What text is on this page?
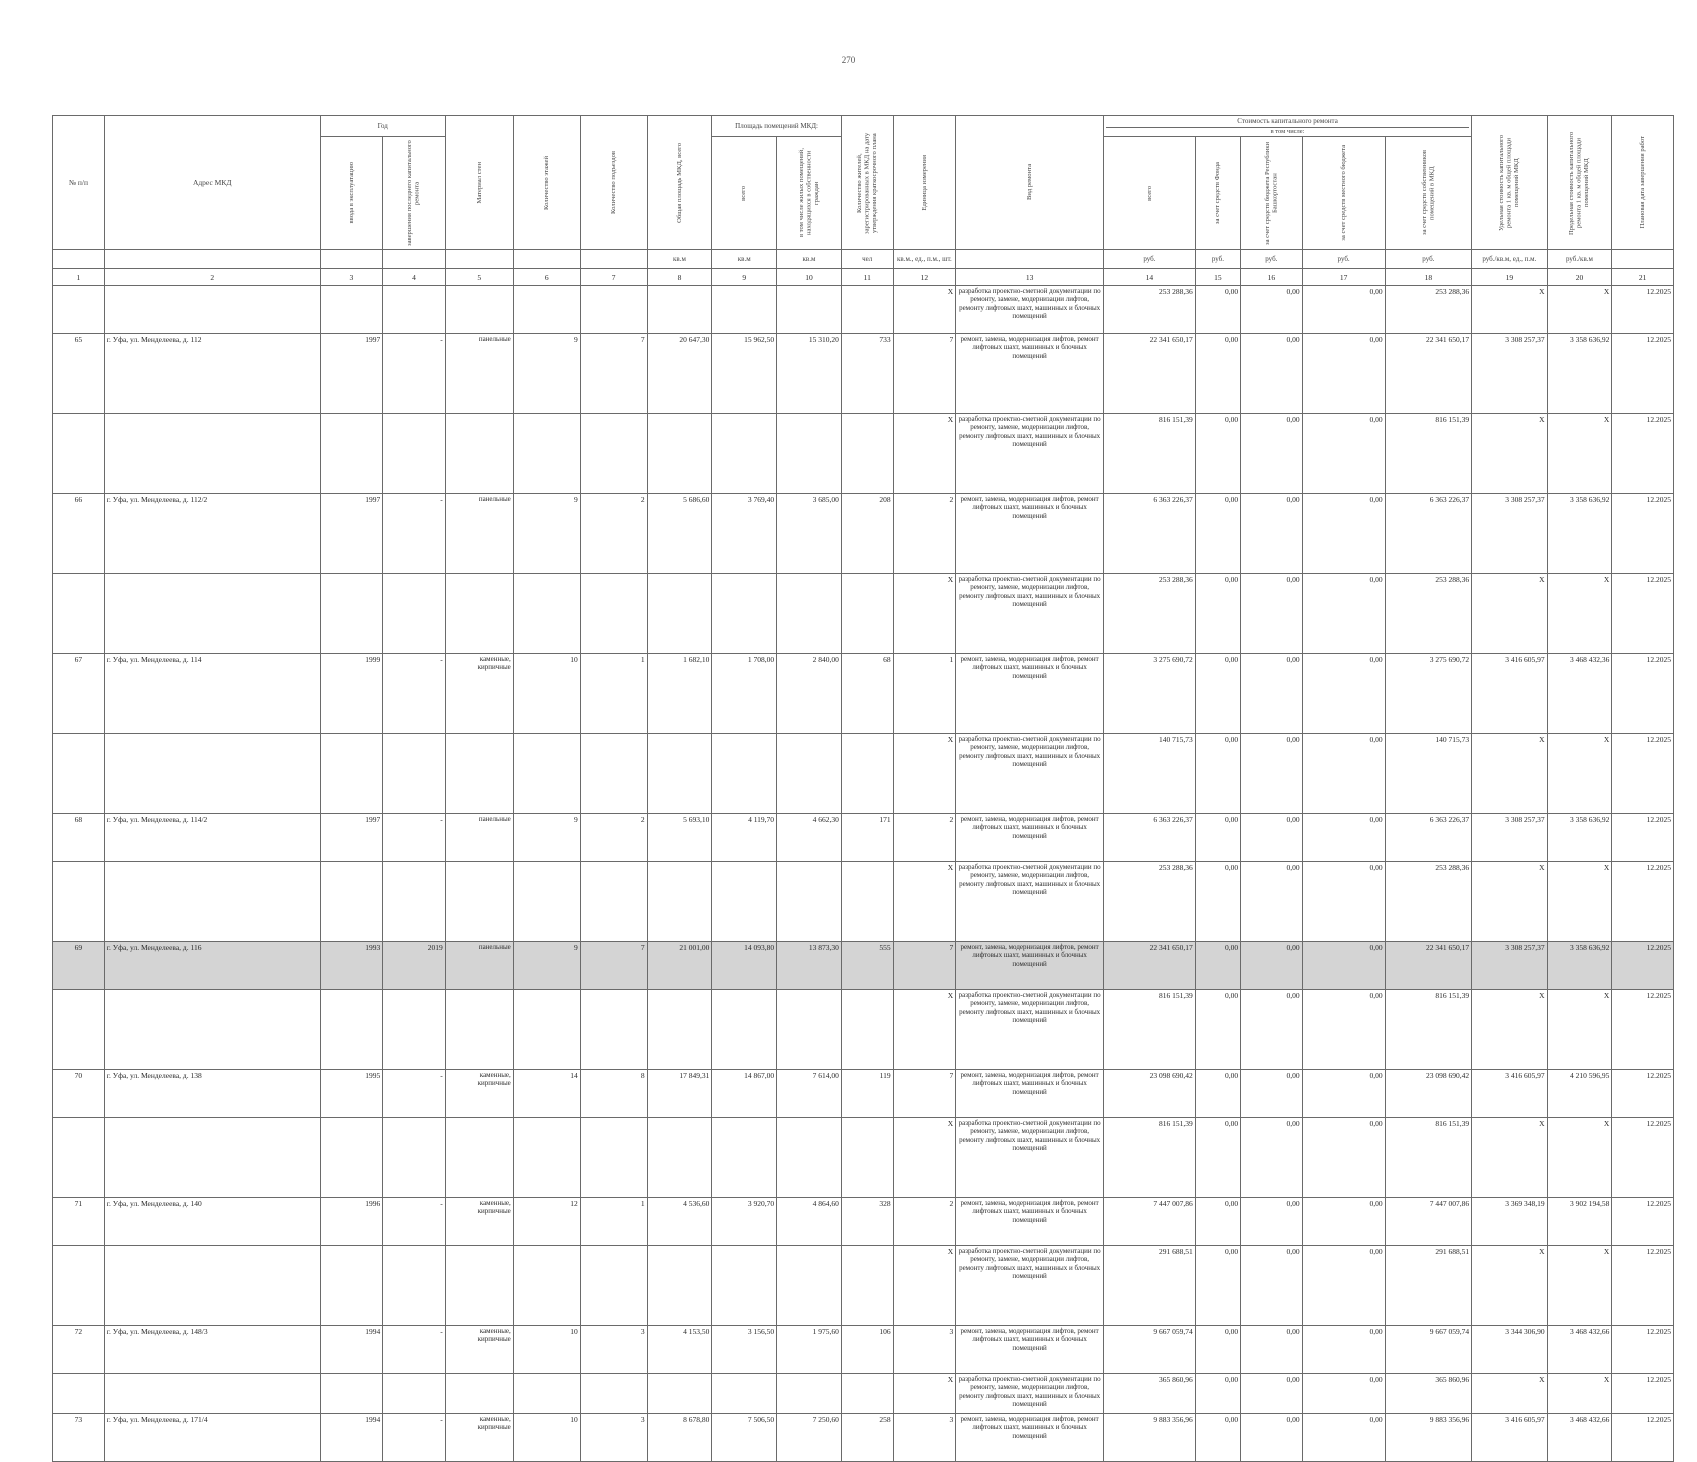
270
№ п/п	Адрес МКД	Год		Материал стен	Количество этажей	Количество подъездов	Общая площадь МКД, всего	Площадь помещений МКД:		Количество жителей, зарегистрированных в МКД на дату утверждения краткосрочного плана	Единица измерения	Вид ремонта	Стоимость капитального ремонта
в том числе:					Удельная стоимость капитального ремонта 1 кв. м общей площади помещений МКД	Предельная стоимость капитального ремонта 1 кв. м общей площади помещений МКД	Плановая дата завершения работ

		ввода в эксплуатацию	завершения последнего капитального ремонта					всего	в том числе жилых помещений, находящихся в собственности граждан				всего	за счет средств Фонда	за счет средств бюджета Республики Башкортостан	за счет средств местного бюджета	за счет средств собственников помещений в МКД			

							кв.м	кв.м	кв.м	чел	кв.м., ед., п.м., шт.		руб.	руб.	руб.	руб.	руб.	руб./кв.м, ед., п.м.	руб./кв.м	
1	2	3	4	5	6	7	8	9	10	11	12	13	14	15	16	17	18	19	20	21
											X	разработка проектно-сметной документации по ремонту, замене, модернизации лифтов, ремонту лифтовых шахт, машинных и блочных помещений	253 288,36	0,00	0,00	0,00	253 288,36	X	X	12.2025
65	г. Уфа, ул. Менделеева, д. 112	1997	-	панельные	9	7	20 647,30	15 962,50	15 310,20	733	7	ремонт, замена, модернизация лифтов, ремонт лифтовых шахт, машинных и блочных помещений	22 341 650,17	0,00	0,00	0,00	22 341 650,17	3 308 257,37	3 358 636,92	12.2025
											X	разработка проектно-сметной документации по ремонту, замене, модернизации лифтов, ремонту лифтовых шахт, машинных и блочных помещений	816 151,39	0,00	0,00	0,00	816 151,39	X	X	12.2025
66	г. Уфа, ул. Менделеева, д. 112/2	1997	-	панельные	9	2	5 686,60	3 769,40	3 685,00	208	2	ремонт, замена, модернизация лифтов, ремонт лифтовых шахт, машинных и блочных помещений	6 363 226,37	0,00	0,00	0,00	6 363 226,37	3 308 257,37	3 358 636,92	12.2025
											X	разработка проектно-сметной документации по ремонту, замене, модернизации лифтов, ремонту лифтовых шахт, машинных и блочных помещений	253 288,36	0,00	0,00	0,00	253 288,36	X	X	12.2025
67	г. Уфа, ул. Менделеева, д. 114	1999	-	каменные, кирпичные	10	1	1 682,10	1 708,00	2 840,00	68	1	ремонт, замена, модернизация лифтов, ремонт лифтовых шахт, машинных и блочных помещений	3 275 690,72	0,00	0,00	0,00	3 275 690,72	3 416 605,97	3 468 432,36	12.2025
											X	разработка проектно-сметной документации по ремонту, замене, модернизации лифтов, ремонту лифтовых шахт, машинных и блочных помещений	140 715,73	0,00	0,00	0,00	140 715,73	X	X	12.2025
68	г. Уфа, ул. Менделеева, д. 114/2	1997	-	панельные	9	2	5 693,10	4 119,70	4 662,30	171	2	ремонт, замена, модернизация лифтов, ремонт лифтовых шахт, машинных и блочных помещений	6 363 226,37	0,00	0,00	0,00	6 363 226,37	3 308 257,37	3 358 636,92	12.2025
											X	разработка проектно-сметной документации по ремонту, замене, модернизации лифтов, ремонту лифтовых шахт, машинных и блочных помещений	253 288,36	0,00	0,00	0,00	253 288,36	X	X	12.2025
69	г. Уфа, ул. Менделеева, д. 116	1993	2019	панельные	9	7	21 001,00	14 093,80	13 873,30	555	7	ремонт, замена, модернизация лифтов, ремонт лифтовых шахт, машинных и блочных помещений	22 341 650,17	0,00	0,00	0,00	22 341 650,17	3 308 257,37	3 358 636,92	12.2025
											X	разработка проектно-сметной документации по ремонту, замене, модернизации лифтов, ремонту лифтовых шахт, машинных и блочных помещений	816 151,39	0,00	0,00	0,00	816 151,39	X	X	12.2025
70	г. Уфа, ул. Менделеева, д. 138	1995	-	каменные, кирпичные	14	8	17 849,31	14 867,00	7 614,00	119	7	ремонт, замена, модернизация лифтов, ремонт лифтовых шахт, машинных и блочных помещений	23 098 690,42	0,00	0,00	0,00	23 098 690,42	3 416 605,97	4 210 596,95	12.2025
											X	разработка проектно-сметной документации по ремонту, замене, модернизации лифтов, ремонту лифтовых шахт, машинных и блочных помещений	816 151,39	0,00	0,00	0,00	816 151,39	X	X	12.2025
71	г. Уфа, ул. Менделеева, д. 140	1996	-	каменные, кирпичные	12	1	4 536,60	3 920,70	4 864,60	328	2	ремонт, замена, модернизация лифтов, ремонт лифтовых шахт, машинных и блочных помещений	7 447 007,86	0,00	0,00	0,00	7 447 007,86	3 369 348,19	3 902 194,58	12.2025
											X	разработка проектно-сметной документации по ремонту, замене, модернизации лифтов, ремонту лифтовых шахт, машинных и блочных помещений	291 688,51	0,00	0,00	0,00	291 688,51	X	X	12.2025
72	г. Уфа, ул. Менделеева, д. 148/3	1994	-	каменные, кирпичные	10	3	4 153,50	3 156,50	1 975,60	106	3	ремонт, замена, модернизация лифтов, ремонт лифтовых шахт, машинных и блочных помещений	9 667 059,74	0,00	0,00	0,00	9 667 059,74	3 344 306,90	3 468 432,66	12.2025
											X	разработка проектно-сметной документации по ремонту, замене, модернизации лифтов, ремонту лифтовых шахт, машинных и блочных помещений	365 860,96	0,00	0,00	0,00	365 860,96	X	X	12.2025
73	г. Уфа, ул. Менделеева, д. 171/4	1994	-	каменные, кирпичные	10	3	8 678,80	7 506,50	7 250,60	258	3	ремонт, замена, модернизация лифтов, ремонт лифтовых шахт, машинных и блочных помещений	9 883 356,96	0,00	0,00	0,00	9 883 356,96	3 416 605,97	3 468 432,66	12.2025
